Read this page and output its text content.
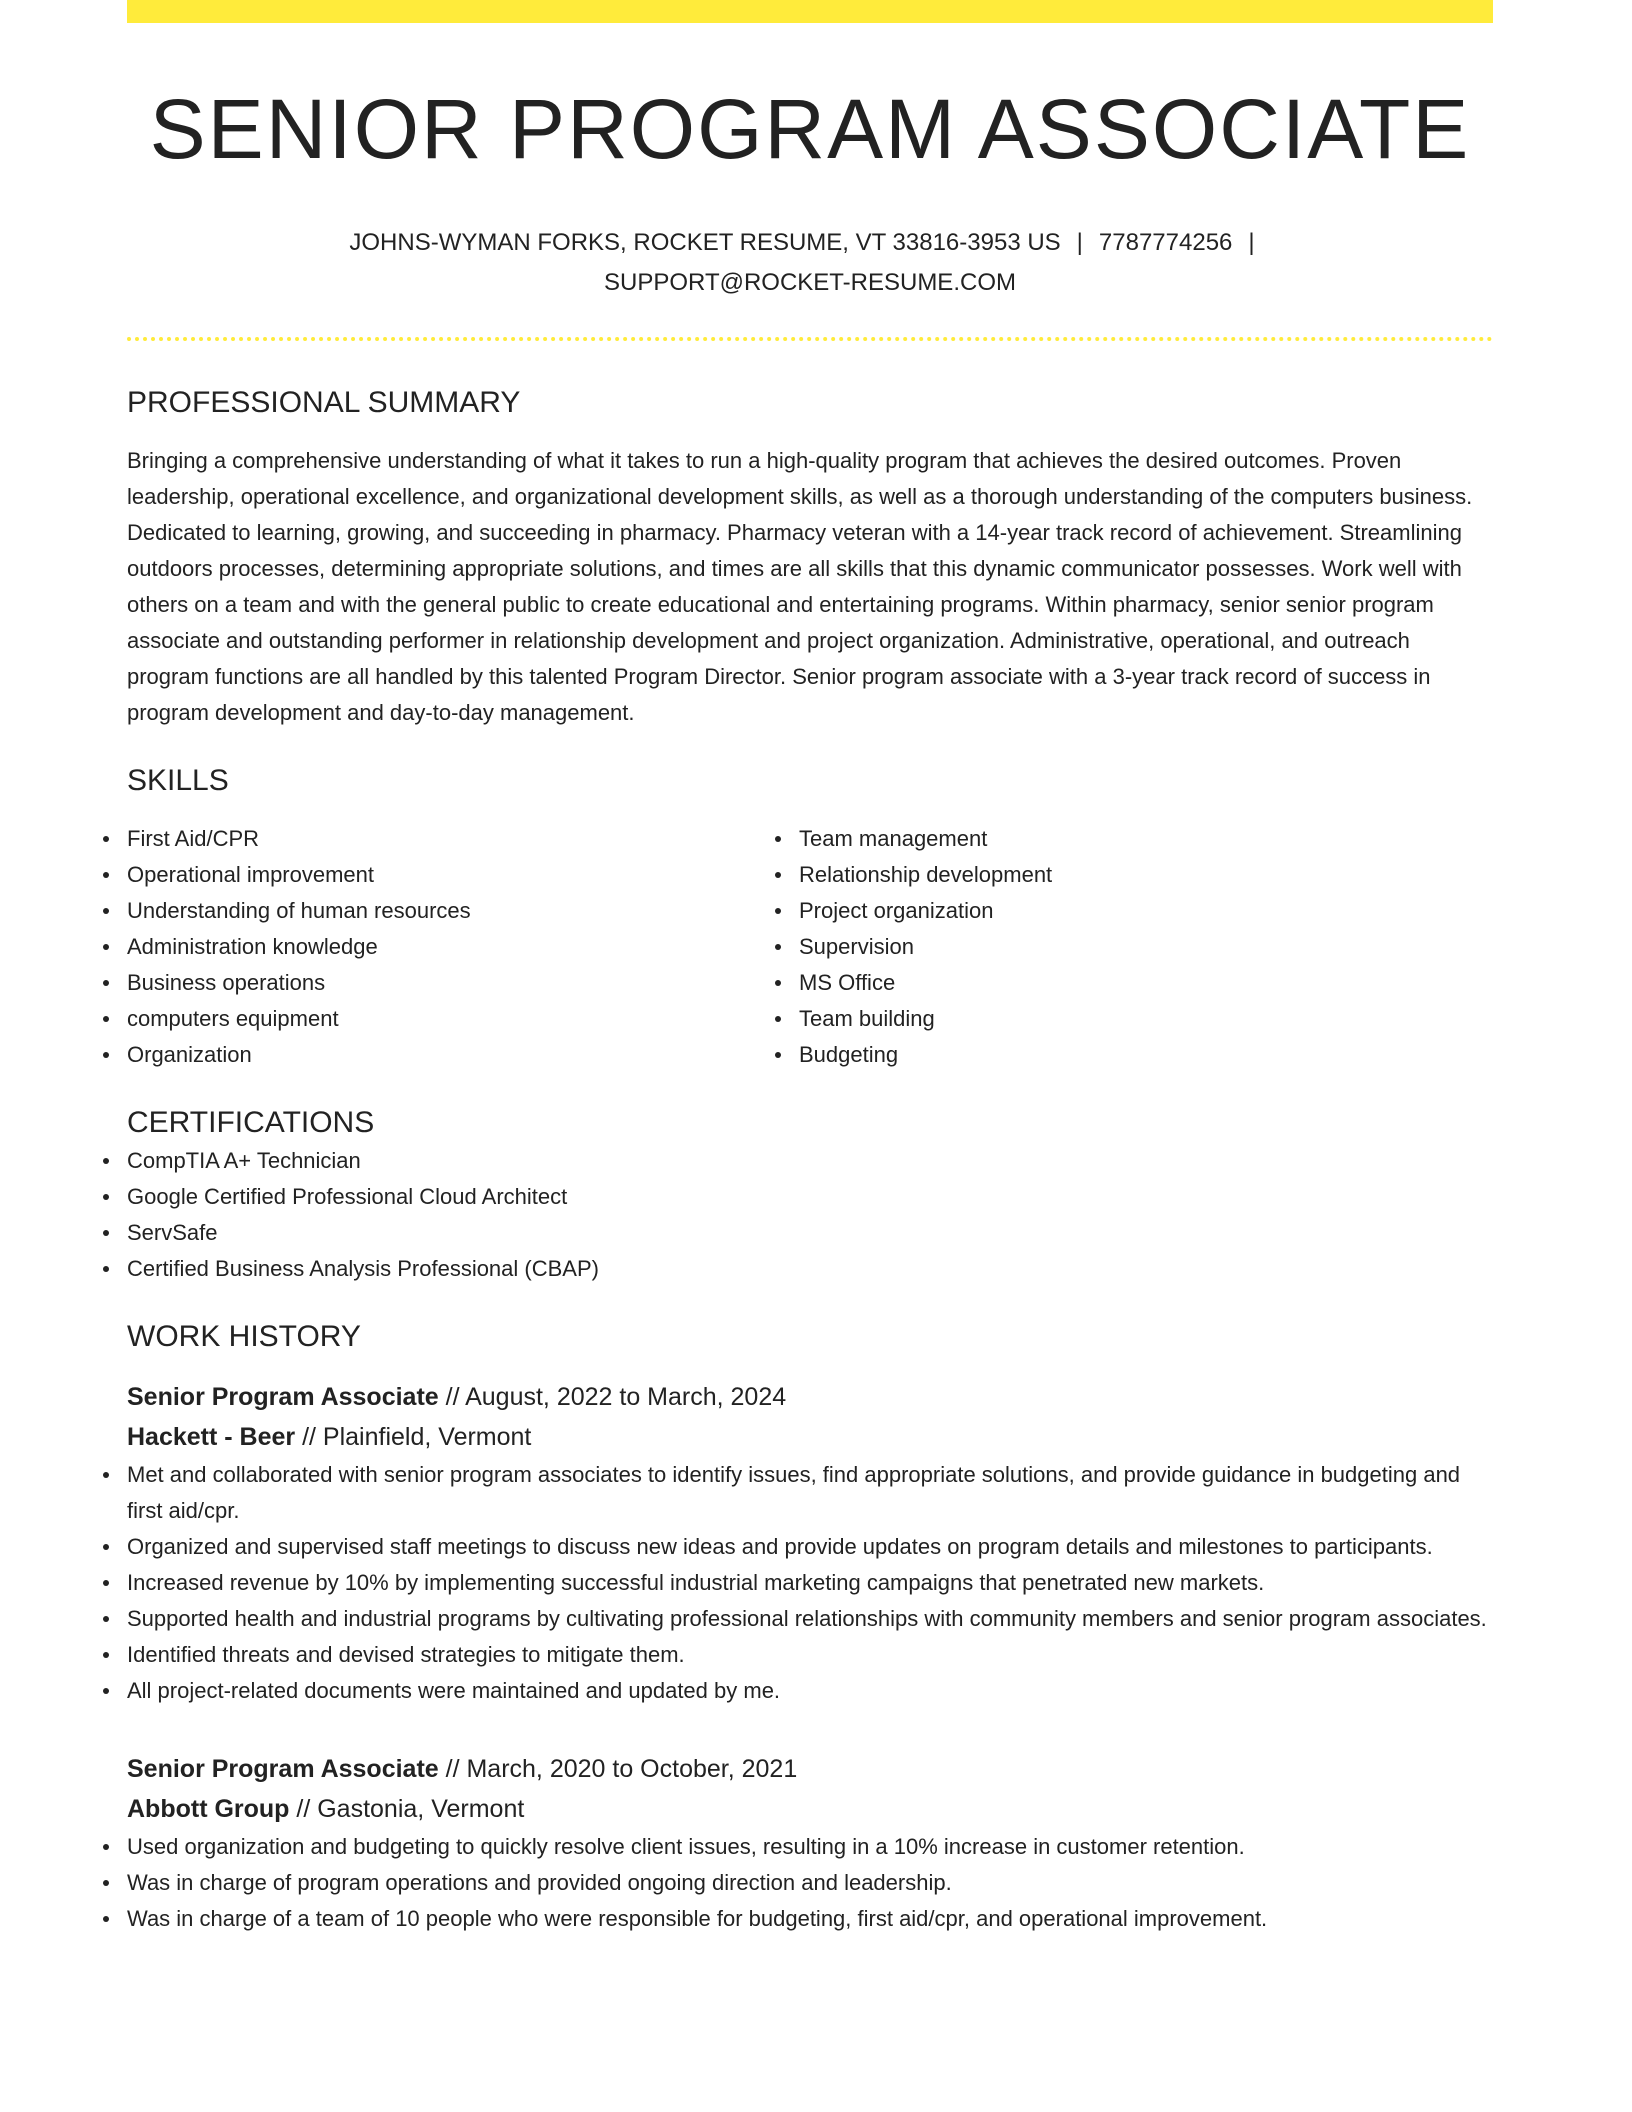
SENIOR PROGRAM ASSOCIATE
JOHNS-WYMAN FORKS, ROCKET RESUME, VT 33816-3953 US | 7787774256 |
SUPPORT@ROCKET-RESUME.COM
PROFESSIONAL SUMMARY

Bringing a comprehensive understanding of what it takes to run a high-quality program that achieves the desired outcomes. Proven leadership, operational excellence, and organizational development skills, as well as a thorough understanding of the computers business. Dedicated to learning, growing, and succeeding in pharmacy. Pharmacy veteran with a 14-year track record of achievement. Streamlining outdoors processes, determining appropriate solutions, and times are all skills that this dynamic communicator possesses. Work well with others on a team and with the general public to create educational and entertaining programs. Within pharmacy, senior senior program associate and outstanding performer in relationship development and project organization. Administrative, operational, and outreach program functions are all handled by this talented Program Director. Senior program associate with a 3-year track record of success in program development and day-to-day management.

SKILLS
First Aid/CPR
Operational improvement
Understanding of human resources
Administration knowledge
Business operations
computers equipment
Organization
Team management
Relationship development
Project organization
Supervision
MS Office
Team building
Budgeting
CERTIFICATIONS
CompTIA A+ Technician
Google Certified Professional Cloud Architect
ServSafe
Certified Business Analysis Professional (CBAP)
WORK HISTORY
Senior Program Associate // August, 2022 to March, 2024
Hackett - Beer // Plainfield, Vermont
Met and collaborated with senior program associates to identify issues, find appropriate solutions, and provide guidance in budgeting and first aid/cpr.
Organized and supervised staff meetings to discuss new ideas and provide updates on program details and milestones to participants.
Increased revenue by 10% by implementing successful industrial marketing campaigns that penetrated new markets.
Supported health and industrial programs by cultivating professional relationships with community members and senior program associates.
Identified threats and devised strategies to mitigate them.
All project-related documents were maintained and updated by me.
Senior Program Associate // March, 2020 to October, 2021
Abbott Group // Gastonia, Vermont
Used organization and budgeting to quickly resolve client issues, resulting in a 10% increase in customer retention.
Was in charge of program operations and provided ongoing direction and leadership.
Was in charge of a team of 10 people who were responsible for budgeting, first aid/cpr, and operational improvement.
